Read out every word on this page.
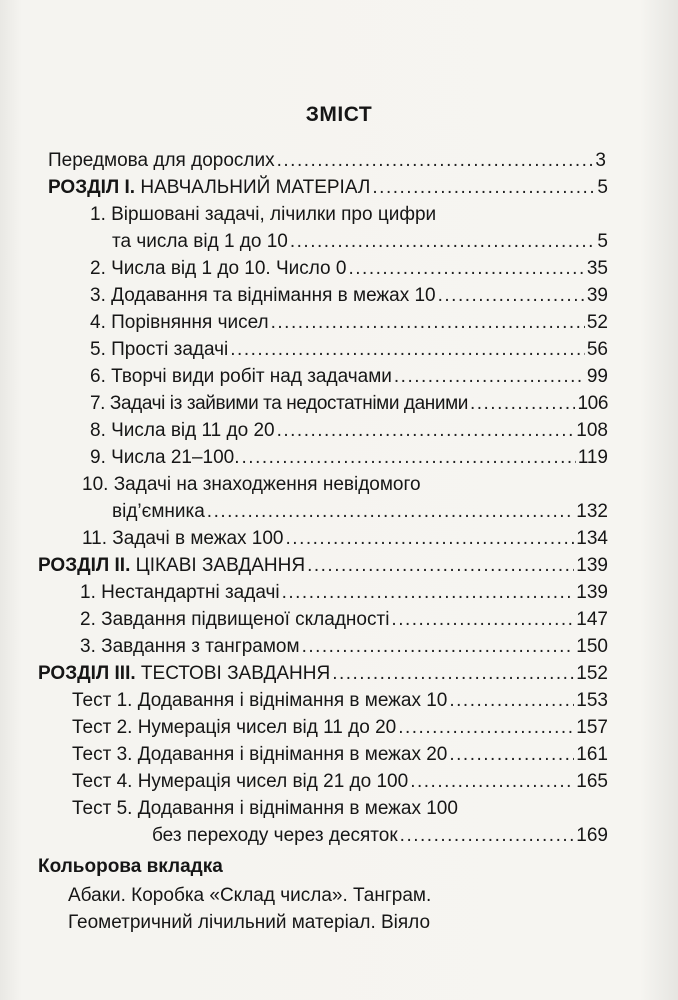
ЗМІСТ
Передмова для дорослих .....	3
РОЗДІЛ І. НАВЧАЛЬНИЙ МАТЕРІАЛ .....	5
1. Віршовані задачі, лічилки про цифри
та числа від 1 до 10 .....	5
2. Числа від 1 до 10. Число 0 .....	35
3. Додавання та віднімання в межах 10 .....	39
4. Порівняння чисел .....	52
5. Прості задачі .....	56
6. Творчі види робіт над задачами .....	99
7. Задачі із зайвими та недостатніми даними .....	106
8. Числа від 11 до 20 .....	108
9. Числа 21–100. .....	119
10. Задачі на знаходження невідомого
від’ємника .....	132
11. Задачі в межах 100 .....	134
РОЗДІЛ ІІ. ЦІКАВІ ЗАВДАННЯ .....	139
1. Нестандартні задачі .....	139
2. Завдання підвищеної складності .....	147
3. Завдання з танграмом .....	150
РОЗДІЛ ІІІ. ТЕСТОВІ ЗАВДАННЯ .....	152
Тест 1. Додавання і віднімання в межах 10 .....	153
Тест 2. Нумерація чисел від 11 до 20 .....	157
Тест 3. Додавання і віднімання в межах 20 .....	161
Тест 4. Нумерація чисел від 21 до 100 .....	165
Тест 5. Додавання і віднімання в межах 100
без переходу через десяток .....	169
Кольорова вкладка
Абаки. Коробка «Склад числа». Танграм.
Геометричний лічильний матеріал. Віяло
